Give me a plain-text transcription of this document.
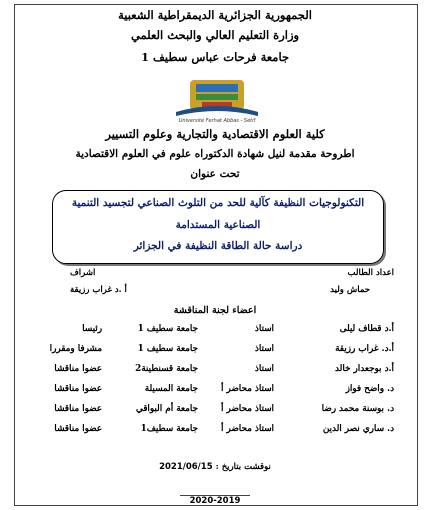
الجمهورية الجزائرية الديمقراطية الشعبية
وزارة التعليم العالي والبحث العلمي
جامعة فرحات عباس سطيف 1
Université Ferhat Abbas - Sétif
كلية العلوم الاقتصادية والتجارية وعلوم التسيير
اطروحة مقدمة لنيل شهادة الدكتوراه علوم في العلوم الاقتصادية
تحت عنوان
التكنولوجيات النظيفة كآلية للحد من التلوث الصناعي لتجسيد التنمية
الصناعية المستدامة
دراسة حالة الطاقة النظيفة في الجزائر
اعداد الطالب
حماش وليد
اشراف
أ .د غراب رزيقة
اعضاء لجنة المناقشة
أ.د قطاف ليلى
استاذ
جامعة سطيف 1
رئيسا
أ.د. غراب رزيقة
استاذ
جامعة سطيف 1
مشرفا ومقررا
أ.د بوجعدار خالد
استاذ
جامعة قسنطينة2
عضوا مناقشا
د. واضح فواز
استاذ محاضر أ
جامعة المسيلة
عضوا مناقشا
د. بوسنة محمد رضا
استاذ محاضر أ
جامعة أم البواقي
عضوا مناقشا
د. ساري نصر الدين
استاذ محاضر أ
جامعة سطيف1
عضوا مناقشا
نوقشت بتاريخ : 2021/06/15
2020-2019
